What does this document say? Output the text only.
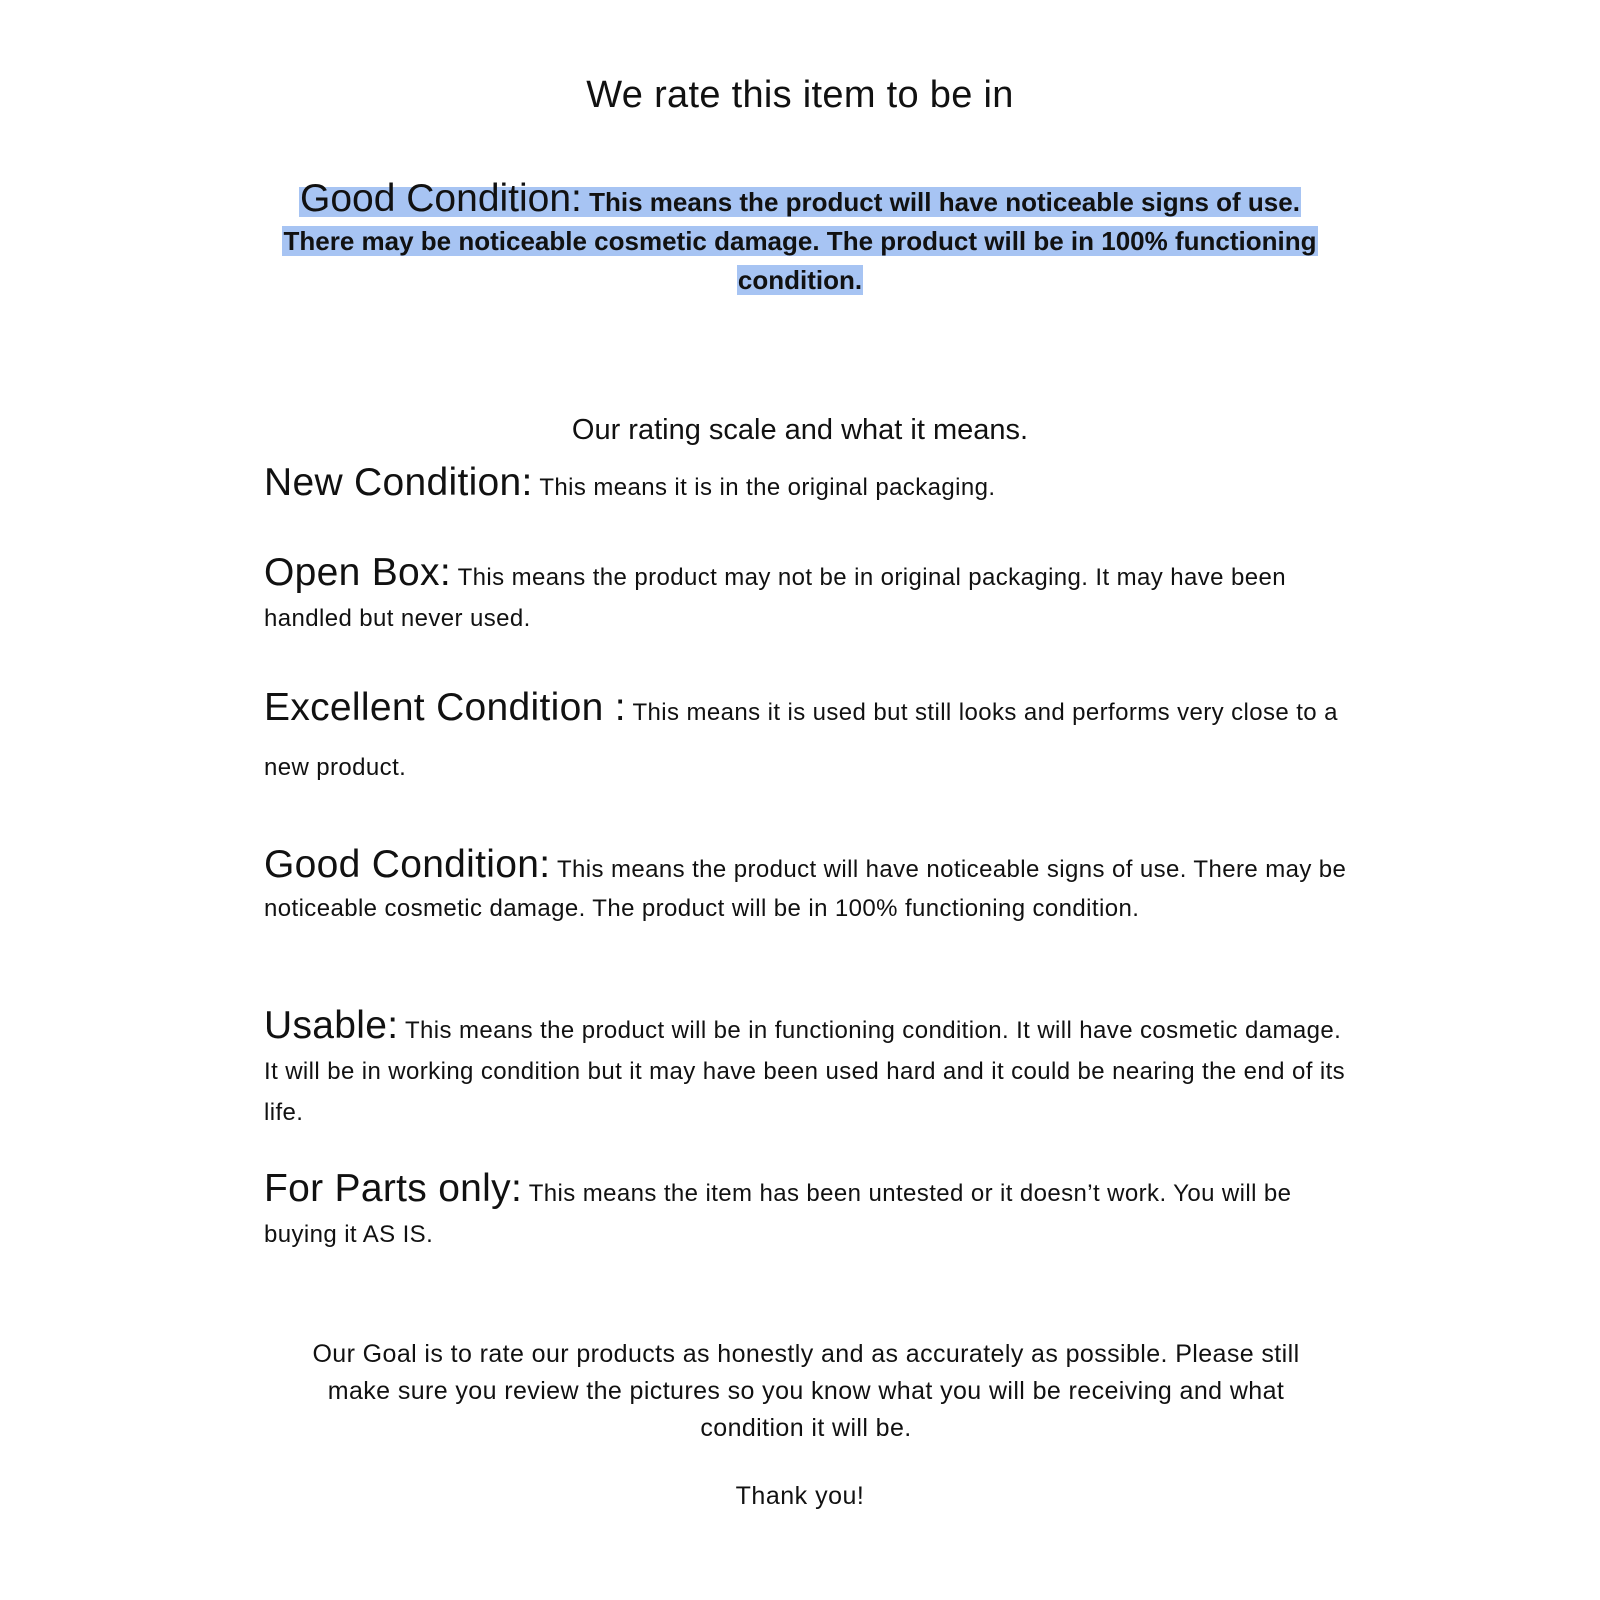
We rate this item to be in

Good Condition: This means the product will have noticeable signs of use. There may be noticeable cosmetic damage. The product will be in 100% functioning condition.

Our rating scale and what it means.

New Condition: This means it is in the original packaging.

Open Box: This means the product may not be in original packaging. It may have been handled but never used.

Excellent Condition : This means it is used but still looks and performs very close to a new product.

Good Condition: This means the product will have noticeable signs of use. There may be noticeable cosmetic damage. The product will be in 100% functioning condition.

Usable: This means the product will be in functioning condition. It will have cosmetic damage. It will be in working condition but it may have been used hard and it could be nearing the end of its life.

For Parts only: This means the item has been untested or it doesn’t work. You will be buying it AS IS.

Our Goal is to rate our products as honestly and as accurately as possible. Please still make sure you review the pictures so you know what you will be receiving and what condition it will be.

Thank you!
